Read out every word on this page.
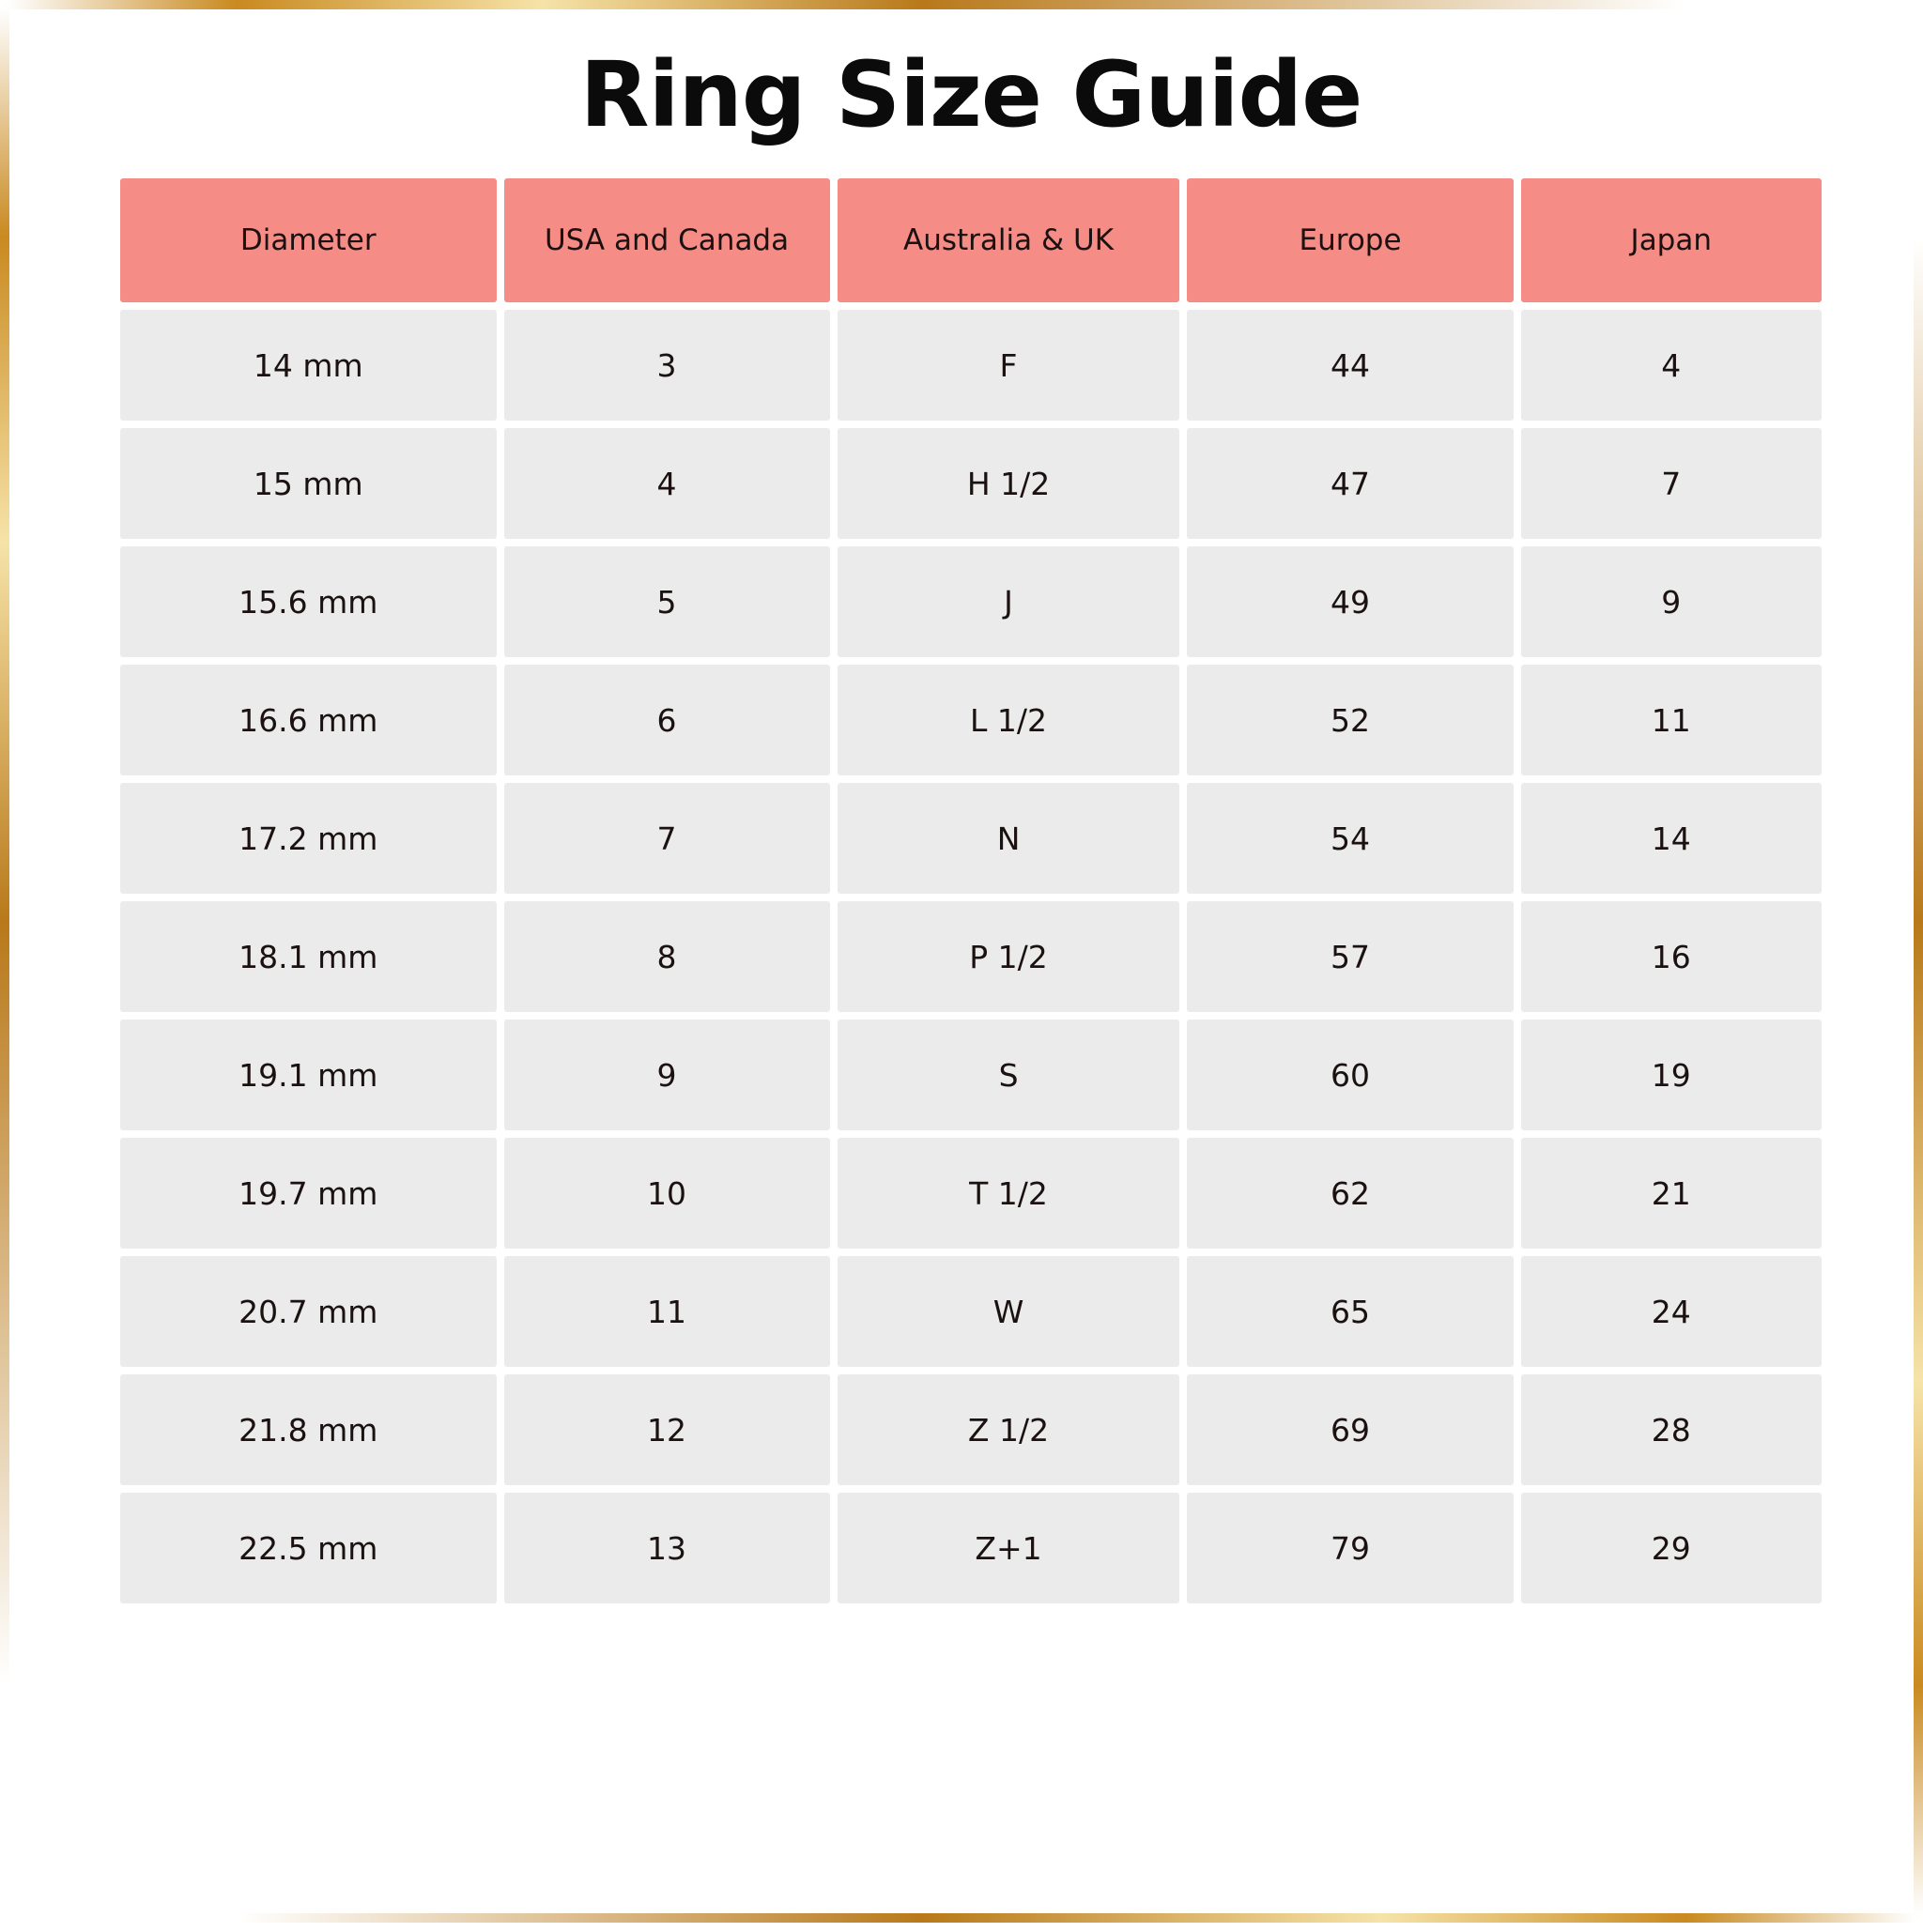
Ring Size Guide
Diameter	USA and Canada	Australia & UK	Europe	Japan
14 mm	3	F	44	4
15 mm	4	H 1/2	47	7
15.6 mm	5	J	49	9
16.6 mm	6	L 1/2	52	11
17.2 mm	7	N	54	14
18.1 mm	8	P 1/2	57	16
19.1 mm	9	S	60	19
19.7 mm	10	T 1/2	62	21
20.7 mm	11	W	65	24
21.8 mm	12	Z 1/2	69	28
22.5 mm	13	Z+1	79	29
